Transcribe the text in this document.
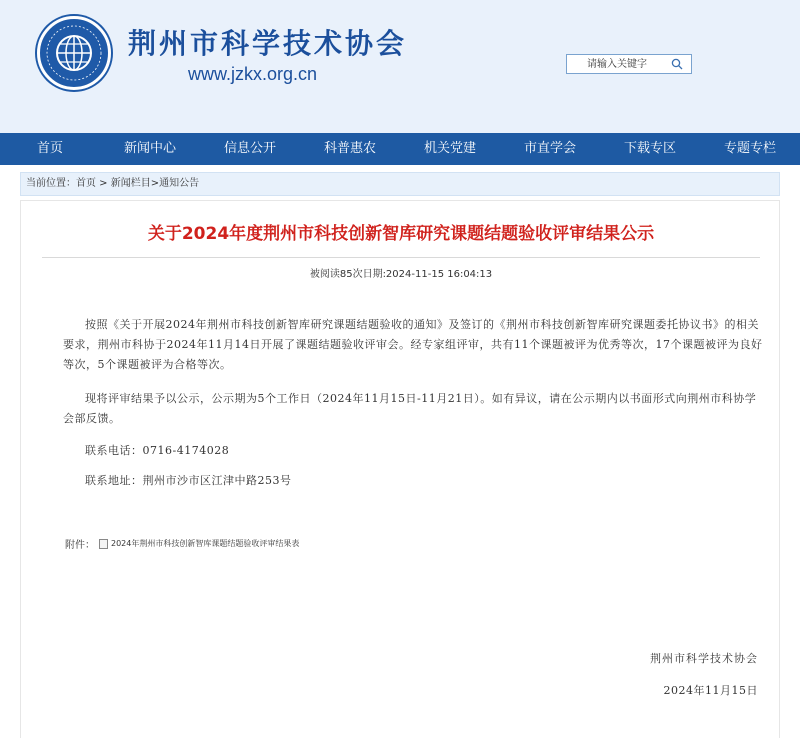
荆州市科学技术协会
www.jzkx.org.cn
请输入关键字
首页	新闻中心	信息公开	科普惠农	机关党建	市直学会	下载专区	专题专栏
当前位置：首页 > 新闻栏目>通知公告
关于2024年度荆州市科技创新智库研究课题结题验收评审结果公示
被阅读85次日期:2024-11-15 16:04:13

按照《关于开展2024年荆州市科技创新智库研究课题结题验收的通知》及签订的《荆州市科技创新智库研究课题委托协议书》的相关要求，荆州市科协于2024年11月14日开展了课题结题验收评审会。经专家组评审，共有11个课题被评为优秀等次，17个课题被评为良好等次，5个课题被评为合格等次。

现将评审结果予以公示，公示期为5个工作日（2024年11月15日-11月21日）。如有异议，请在公示期内以书面形式向荆州市科协学会部反馈。

联系电话：0716-4174028

联系地址：荆州市沙市区江津中路253号

附件： 2024年荆州市科技创新智库课题结题验收评审结果表
荆州市科学技术协会
2024年11月15日
